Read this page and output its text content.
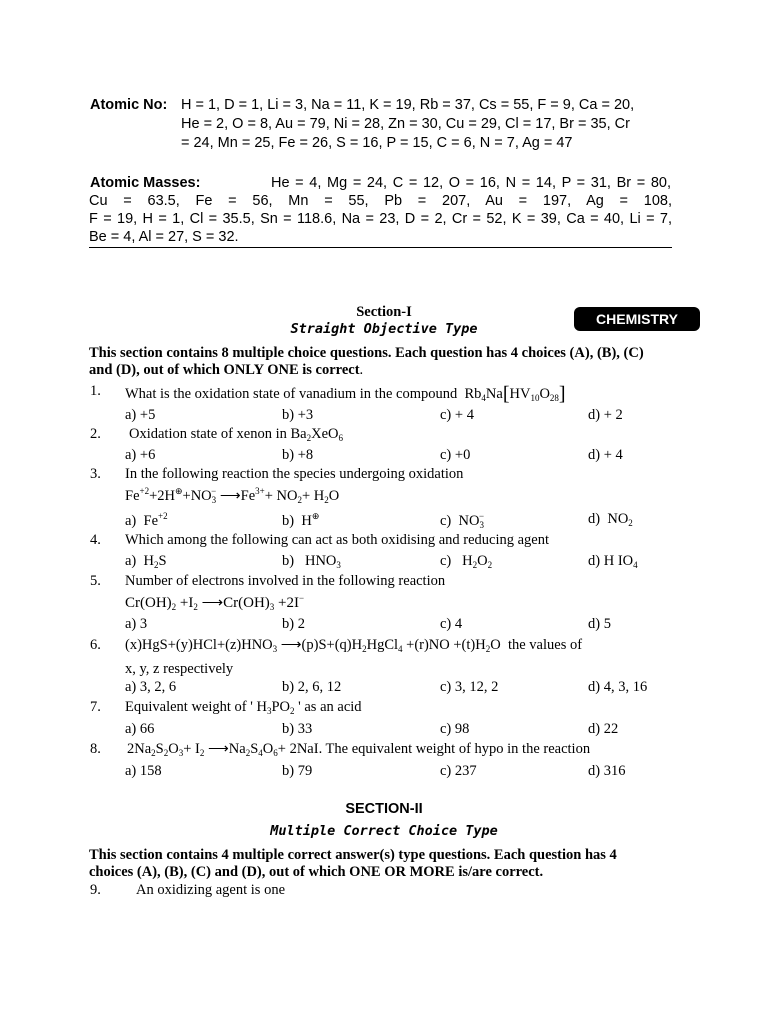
Atomic No: H = 1, D = 1, Li = 3, Na = 11, K = 19, Rb = 37, Cs = 55, F = 9, Ca = 20,
He = 2, O = 8, Au = 79, Ni = 28, Zn = 30, Cu = 29, Cl = 17, Br = 35, Cr
= 24, Mn = 25, Fe = 26, S = 16, P = 15, C = 6, N = 7, Ag = 47
Atomic Masses:	He = 4, Mg = 24, C = 12, O = 16, N = 14, P = 31, Br = 80,
Cu = 63.5, Fe = 56, Mn = 55, Pb = 207, Au = 197, Ag = 108,
F = 19, H = 1, Cl = 35.5, Sn = 118.6, Na = 23, D = 2, Cr = 52, K = 39, Ca = 40, Li = 7,
Be = 4, Al = 27, S = 32.
Section-I
Straight Objective Type
CHEMISTRY
This section contains 8 multiple choice questions. Each question has 4 choices (A), (B), (C)
and (D), out of which ONLY ONE is correct.
1. What is the oxidation state of vanadium in the compound  $Rb_4Na[HV_{10}O_{28}]$
a) +5	b) +3	c) + 4	d) + 2
2. Oxidation state of xenon in $Ba_2XeO_6$
a) +6	b) +8	c) +0	d) + 4
3. In the following reaction the species undergoing oxidation
$Fe^{+2}+2H^\oplus+NO_3^-$ $⟶Fe^{3+}+ NO_2+ H_2O$
a)  $Fe^{+2}$	b)  H⊕	c)  $NO_3^-$	d)  $NO_2$
4. Which among the following can act as both oxidising and reducing agent
a)  $H_2S$	b)   $HNO_3$	c)   $H_2O_2$	d) H $IO_4$
5. Number of electrons involved in the following reaction
$Cr(OH)_2 +I_2$ $⟶Cr(OH)_3 +2I^-$
a) 3	b) 2	c) 4	d) 5
6. $(x)HgS+(y)HCl+(z)HNO_3$ $⟶(p)S+(q)H_2HgCl_4 +(r)NO +(t)H_2O$  the values of
x, y, z respectively
a) 3, 2, 6	b) 2, 6, 12	c) 3, 12, 2	d) 4, 3, 16
7. Equivalent weight of ' $H_3PO_2$ ' as an acid
a) 66	b) 33	c) 98	d) 22
8. $2Na_2S_2O_3+ I_2$ $⟶Na_2S_4O_6+ 2NaI$. The equivalent weight of hypo in the reaction
a) 158	b) 79	c) 237	d) 316
SECTION-II
Multiple Correct Choice Type
This section contains 4 multiple correct answer(s) type questions. Each question has 4
choices (A), (B), (C) and (D), out of which ONE OR MORE is/are correct.
9. An oxidizing agent is one
